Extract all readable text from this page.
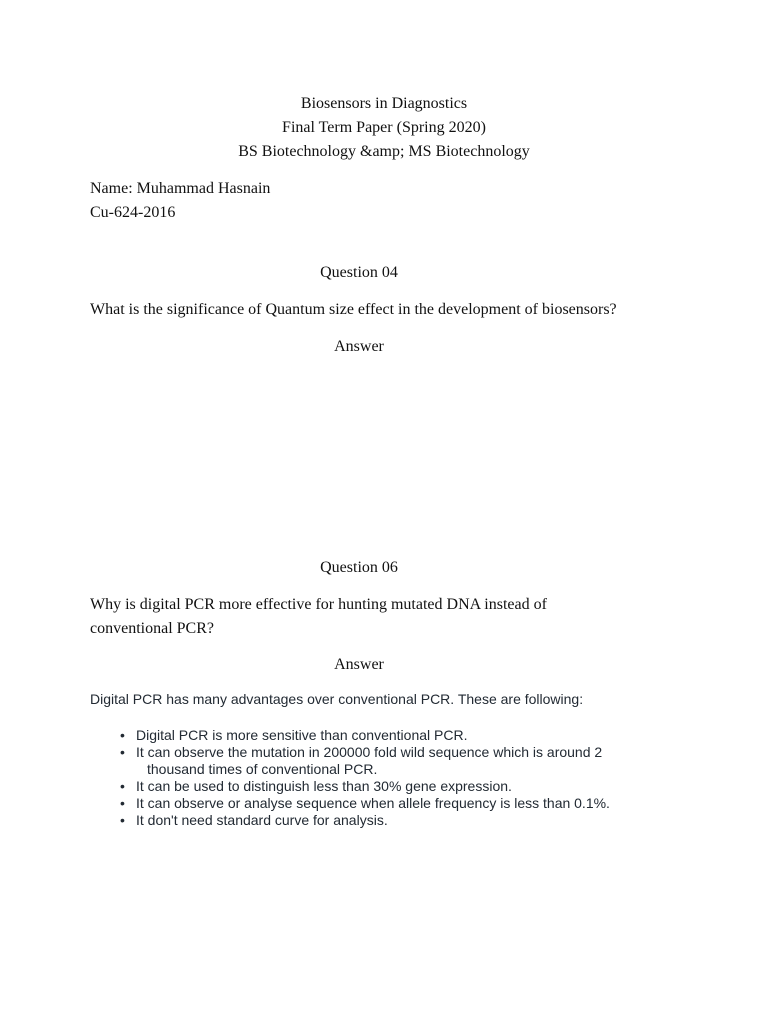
Biosensors in Diagnostics
Final Term Paper (Spring 2020)
BS Biotechnology &amp; MS Biotechnology
Name: Muhammad Hasnain
Cu-624-2016
Question 04
What is the significance of Quantum size effect in the development of biosensors?
Answer
Question 06
Why is digital PCR more effective for hunting mutated DNA instead of
conventional PCR?
Answer
Digital PCR has many advantages over conventional PCR. These are following:
• Digital PCR is more sensitive than conventional PCR.
• It can observe the mutation in 200000 fold wild sequence which is around 2
thousand times of conventional PCR.
• It can be used to distinguish less than 30% gene expression.
• It can observe or analyse sequence when allele frequency is less than 0.1%.
• It don't need standard curve for analysis.
